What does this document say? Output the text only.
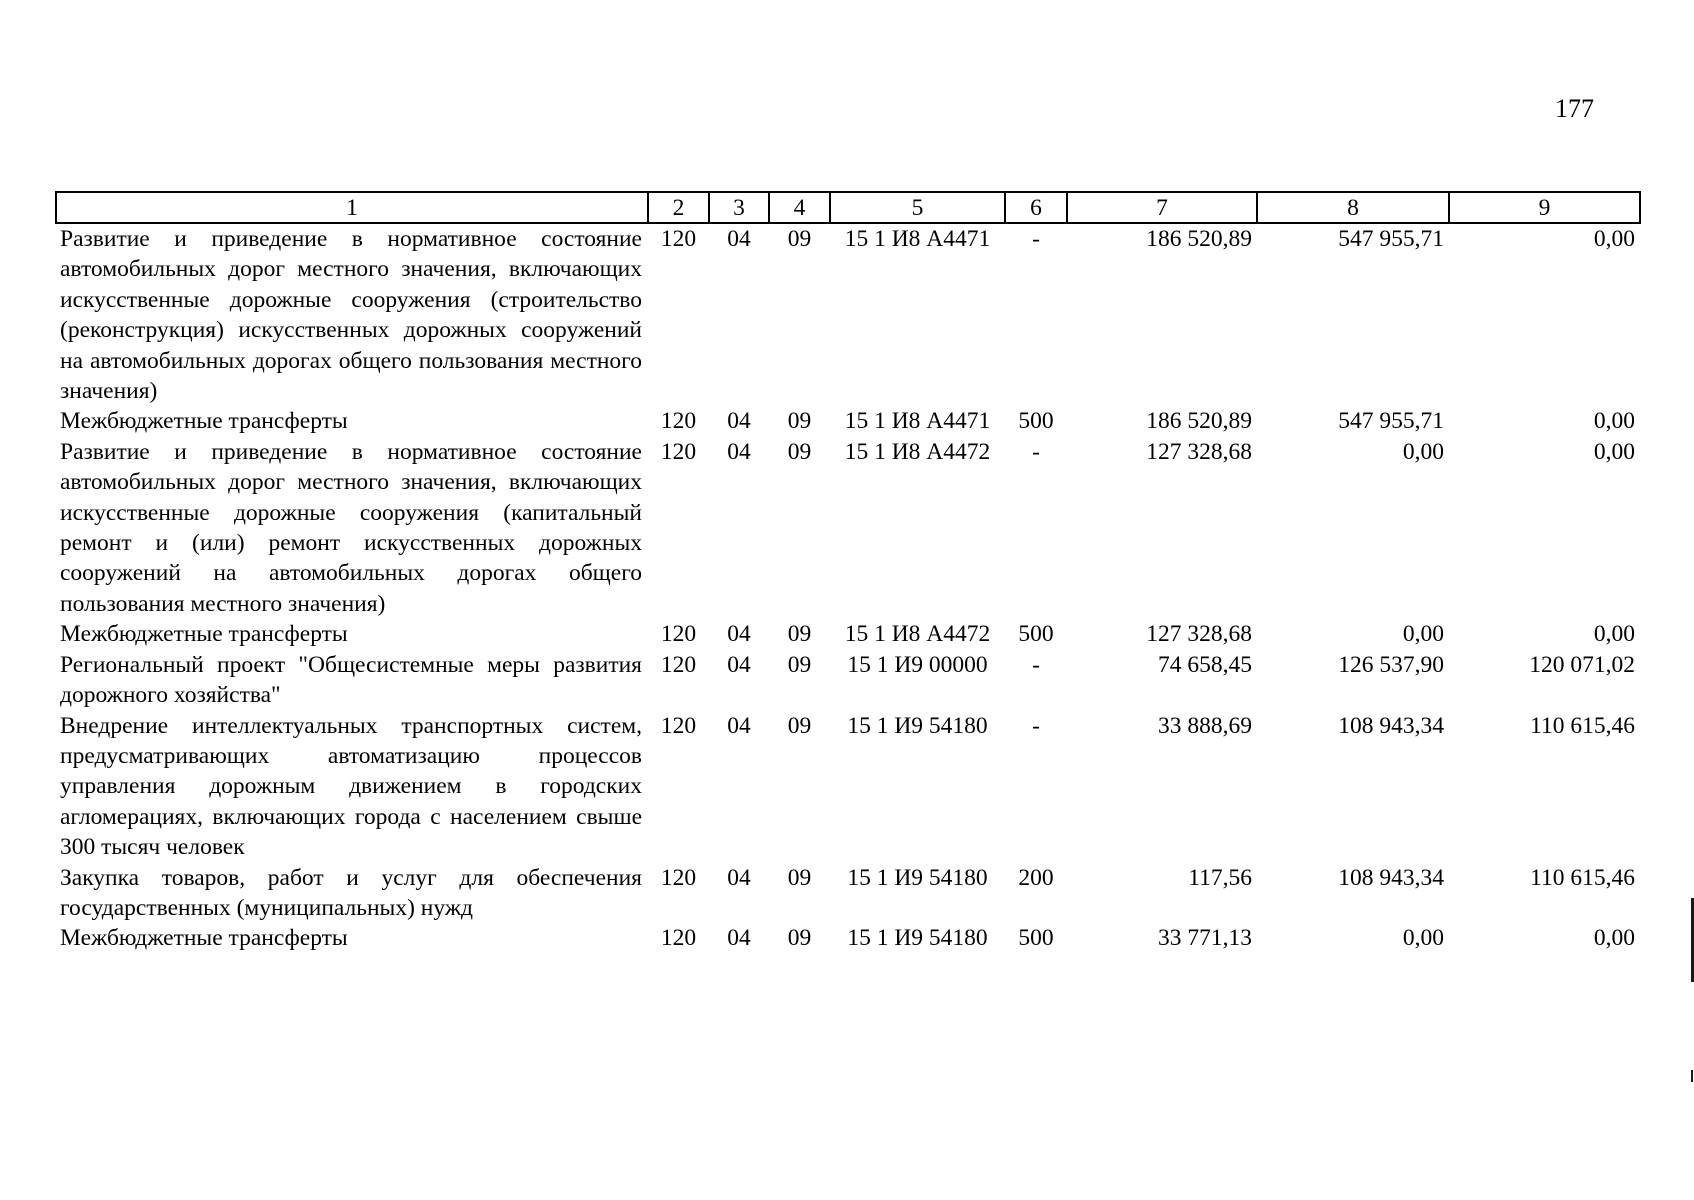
177
1	2	3	4	5	6	7	8	9
Развитие и приведение в нормативное состояние автомобильных дорог местного значения, включающих искусственные дорожные сооружения (строительство (реконструкция) искусственных дорожных сооружений на автомобильных дорогах общего пользования местного значения)	120	04	09	15 1 И8 А4471	-	186 520,89	547 955,71	0,00
Межбюджетные трансферты	120	04	09	15 1 И8 А4471	500	186 520,89	547 955,71	0,00
Развитие и приведение в нормативное состояние автомобильных дорог местного значения, включающих искусственные дорожные сооружения (капитальный ремонт и (или) ремонт искусственных дорожных сооружений на автомобильных дорогах общего пользования местного значения)	120	04	09	15 1 И8 А4472	-	127 328,68	0,00	0,00
Межбюджетные трансферты	120	04	09	15 1 И8 А4472	500	127 328,68	0,00	0,00
Региональный проект "Общесистемные меры развития дорожного хозяйства"	120	04	09	15 1 И9 00000	-	74 658,45	126 537,90	120 071,02
Внедрение интеллектуальных транспортных систем, предусматривающих автоматизацию процессов управления дорожным движением в городских агломерациях, включающих города с населением свыше 300 тысяч человек	120	04	09	15 1 И9 54180	-	33 888,69	108 943,34	110 615,46
Закупка товаров, работ и услуг для обеспечения государственных (муниципальных) нужд	120	04	09	15 1 И9 54180	200	117,56	108 943,34	110 615,46
Межбюджетные трансферты	120	04	09	15 1 И9 54180	500	33 771,13	0,00	0,00
